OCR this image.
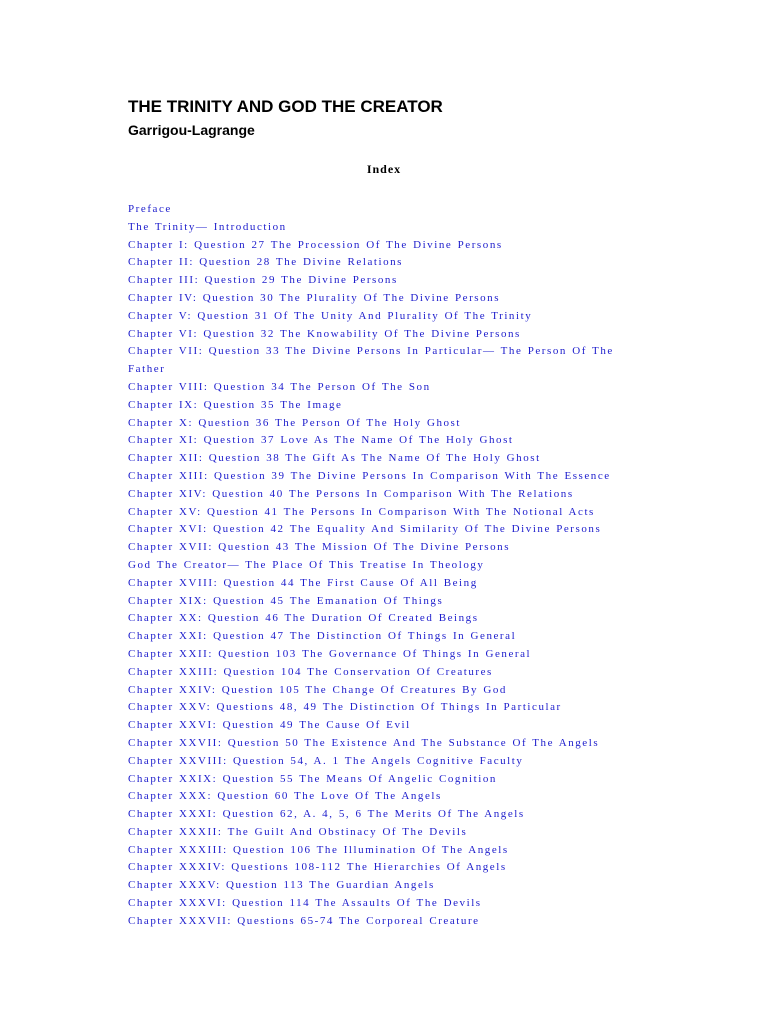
THE TRINITY AND GOD THE CREATOR
Garrigou-Lagrange
Index
Preface
The Trinity— Introduction
Chapter I: Question 27 The Procession Of The Divine Persons
Chapter II: Question 28 The Divine Relations
Chapter III: Question 29 The Divine Persons
Chapter IV: Question 30 The Plurality Of The Divine Persons
Chapter V: Question 31 Of The Unity And Plurality Of The Trinity
Chapter VI: Question 32 The Knowability Of The Divine Persons
Chapter VII: Question 33 The Divine Persons In Particular— The Person Of The Father
Chapter VIII: Question 34 The Person Of The Son
Chapter IX: Question 35 The Image
Chapter X: Question 36 The Person Of The Holy Ghost
Chapter XI: Question 37 Love As The Name Of The Holy Ghost
Chapter XII: Question 38 The Gift As The Name Of The Holy Ghost
Chapter XIII: Question 39 The Divine Persons In Comparison With The Essence
Chapter XIV: Question 40 The Persons In Comparison With The Relations
Chapter XV: Question 41 The Persons In Comparison With The Notional Acts
Chapter XVI: Question 42 The Equality And Similarity Of The Divine Persons
Chapter XVII: Question 43 The Mission Of The Divine Persons
God The Creator— The Place Of This Treatise In Theology
Chapter XVIII: Question 44 The First Cause Of All Being
Chapter XIX: Question 45 The Emanation Of Things
Chapter XX: Question 46 The Duration Of Created Beings
Chapter XXI: Question 47 The Distinction Of Things In General
Chapter XXII: Question 103 The Governance Of Things In General
Chapter XXIII: Question 104 The Conservation Of Creatures
Chapter XXIV: Question 105 The Change Of Creatures By God
Chapter XXV: Questions 48, 49 The Distinction Of Things In Particular
Chapter XXVI: Question 49 The Cause Of Evil
Chapter XXVII: Question 50 The Existence And The Substance Of The Angels
Chapter XXVIII: Question 54, A. 1 The Angels Cognitive Faculty
Chapter XXIX: Question 55 The Means Of Angelic Cognition
Chapter XXX: Question 60 The Love Of The Angels
Chapter XXXI: Question 62, A. 4, 5, 6 The Merits Of The Angels
Chapter XXXII: The Guilt And Obstinacy Of The Devils
Chapter XXXIII: Question 106 The Illumination Of The Angels
Chapter XXXIV: Questions 108-112 The Hierarchies Of Angels
Chapter XXXV: Question 113 The Guardian Angels
Chapter XXXVI: Question 114 The Assaults Of The Devils
Chapter XXXVII: Questions 65-74 The Corporeal Creature
